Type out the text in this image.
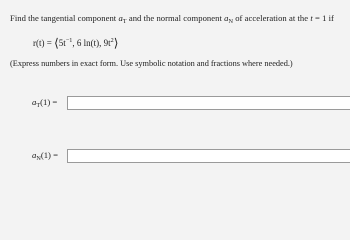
Find the tangential component $a_T$ and the normal component $a_N$ of acceleration at the t = 1 if
$r(t) = ⟨5t^{-1}$, 6 ln(t), $9t^2⟩$
(Express numbers in exact form. Use symbolic notation and fractions where needed.)
$a_T(1)$ =
$a_N(1)$ =
